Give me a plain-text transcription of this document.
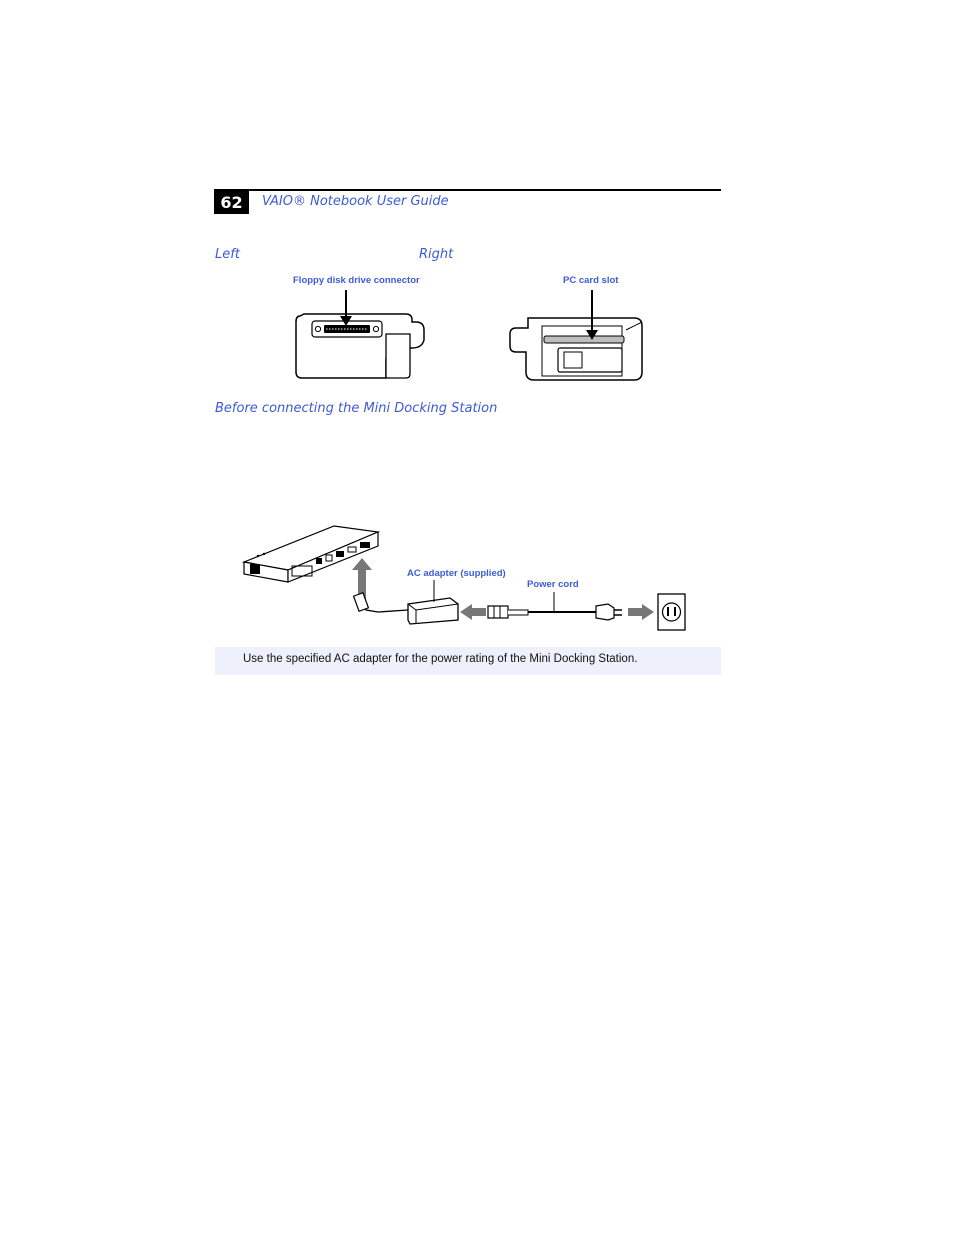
62	VAIO® Notebook User Guide
Left	Right
Floppy disk drive connector	PC card slot
Before connecting the Mini Docking Station
AC adapter (supplied)
Power cord
Use the specified AC adapter for the power rating of the Mini Docking Station.
